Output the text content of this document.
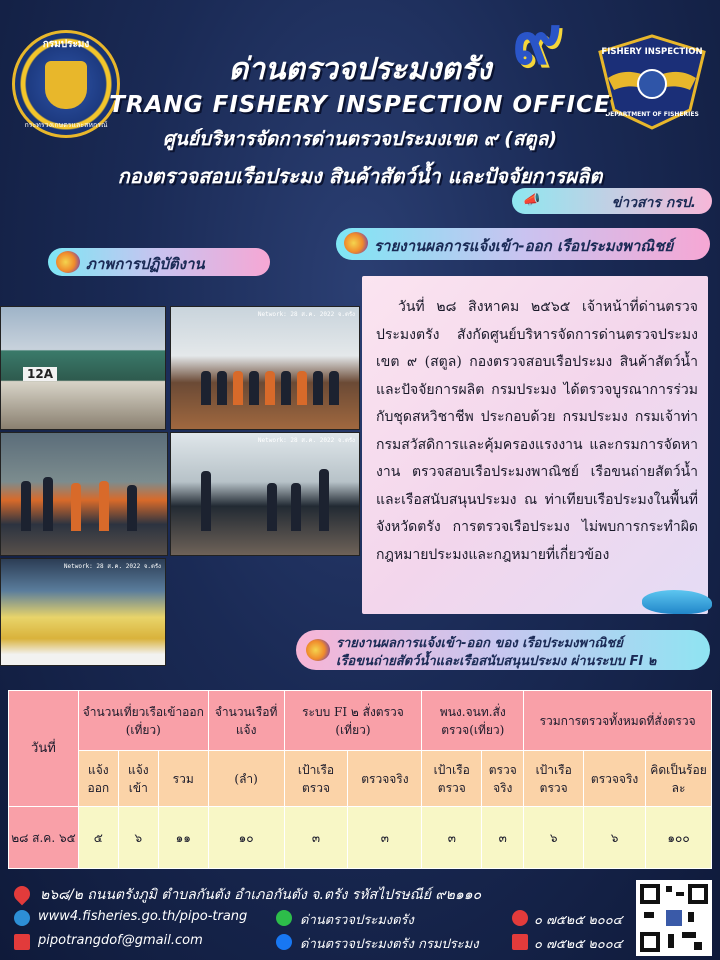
กรมประมง
กระทรวงเกษตรและสหกรณ์
๙	FISHERY INSPECTION
DEPARTMENT OF FISHERIES
ด่านตรวจประมงตรัง
TRANG FISHERY INSPECTION OFFICE
ศูนย์บริหารจัดการด่านตรวจประมงเขต ๙ (สตูล)
กองตรวจสอบเรือประมง สินค้าสัตว์น้ำ และปัจจัยการผลิต
📣	ข่าวสาร กรป.
รายงานผลการแจ้งเข้า-ออก เรือประมงพาณิชย์
ภาพการปฏิบัติงาน
12A
Network: 28 ส.ค. 2022 จ.ตรัง
Network: 28 ส.ค. 2022 จ.ตรัง
Network: 28 ส.ค. 2022 จ.ตรัง

วันที่ ๒๘ สิงหาคม ๒๕๖๕ เจ้าหน้าที่ด่านตรวจประมงตรัง สังกัดศูนย์บริหารจัดการด่านตรวจประมง เขต ๙ (สตูล) กองตรวจสอบเรือประมง สินค้าสัตว์น้ำ และปัจจัยการผลิต กรมประมง ได้ตรวจบูรณาการร่วมกับชุดสหวิชาชีพ ประกอบด้วย กรมประมง กรมเจ้าท่า กรมสวัสดิการและคุ้มครองแรงงาน และกรมการจัดหางาน ตรวจสอบเรือประมงพาณิชย์ เรือขนถ่ายสัตว์น้ำและเรือสนับสนุนประมง ณ ท่าเทียบเรือประมงในพื้นที่จังหวัดตรัง การตรวจเรือประมง ไม่พบการกระทำผิดกฎหมายประมงและกฎหมายที่เกี่ยวข้อง

รายงานผลการแจ้งเข้า-ออก ของ เรือประมงพาณิชย์
เรือขนถ่ายสัตว์น้ำและเรือสนับสนุนประมง ผ่านระบบ FI ๒
วันที่	จำนวนเที่ยวเรือเข้าออก (เที่ยว)			จำนวนเรือที่แจ้ง	ระบบ FI ๒ สั่งตรวจ (เที่ยว)		พนง.จนท.สั่งตรวจ(เที่ยว)		รวมการตรวจทั้งหมดที่สั่งตรวจ		
	แจ้งออก	แจ้งเข้า	รวม	(ลำ)	เป้าเรือตรวจ	ตรวจจริง	เป้าเรือตรวจ	ตรวจจริง	เป้าเรือตรวจ	ตรวจจริง	คิดเป็นร้อยละ
๒๘ ส.ค. ๖๕	๕	๖	๑๑	๑๐	๓	๓	๓	๓	๖	๖	๑๐๐
๒๖๘/๒ ถนนตรังภูมิ ตำบลกันตัง อำเภอกันตัง จ.ตรัง รหัสไปรษณีย์ ๙๒๑๑๐
www4.fisheries.go.th/pipo-trang	ด่านตรวจประมงตรัง	๐ ๗๕๒๕ ๒๐๐๔
pipotrangdof@gmail.com	ด่านตรวจประมงตรัง กรมประมง	๐ ๗๕๒๕ ๒๐๐๔
